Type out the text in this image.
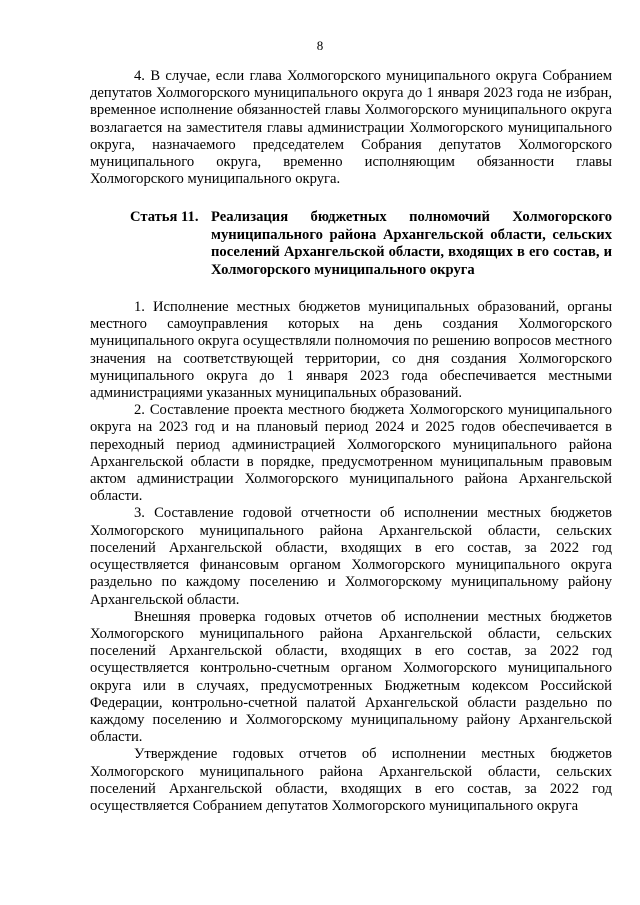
8

4. В случае, если глава Холмогорского муниципального округа Собранием депутатов Холмогорского муниципального округа до 1 января 2023 года не избран, временное исполнение обязанностей главы Холмогорского муниципального округа возлагается на заместителя главы администрации Холмогорского муниципального округа, назначаемого председателем Собрания депутатов Холмогорского муниципального округа, временно исполняющим обязанности главы Холмогорского муниципального округа.

Статья 11. Реализация бюджетных полномочий Холмогорского муниципального района Архангельской области, сельских поселений Архангельской области, входящих в его состав, и Холмогорского муниципального округа

1. Исполнение местных бюджетов муниципальных образований, органы местного самоуправления которых на день создания Холмогорского муниципального округа осуществляли полномочия по решению вопросов местного значения на соответствующей территории, со дня создания Холмогорского муниципального округа до 1 января 2023 года обеспечивается местными администрациями указанных муниципальных образований.

2. Составление проекта местного бюджета Холмогорского муниципального округа на 2023 год и на плановый период 2024 и 2025 годов обеспечивается в переходный период администрацией Холмогорского муниципального района Архангельской области в порядке, предусмотренном муниципальным правовым актом администрации Холмогорского муниципального района Архангельской области.

3. Составление годовой отчетности об исполнении местных бюджетов Холмогорского муниципального района Архангельской области, сельских поселений Архангельской области, входящих в его состав, за 2022 год осуществляется финансовым органом Холмогорского муниципального округа раздельно по каждому поселению и Холмогорскому муниципальному району Архангельской области.

Внешняя проверка годовых отчетов об исполнении местных бюджетов Холмогорского муниципального района Архангельской области, сельских поселений Архангельской области, входящих в его состав, за 2022 год осуществляется контрольно-счетным органом Холмогорского муниципального округа или в случаях, предусмотренных Бюджетным кодексом Российской Федерации, контрольно-счетной палатой Архангельской области раздельно по каждому поселению и Холмогорскому муниципальному району Архангельской области.

Утверждение годовых отчетов об исполнении местных бюджетов Холмогорского муниципального района Архангельской области, сельских поселений Архангельской области, входящих в его состав, за 2022 год осуществляется Собранием депутатов Холмогорского муниципального округа
